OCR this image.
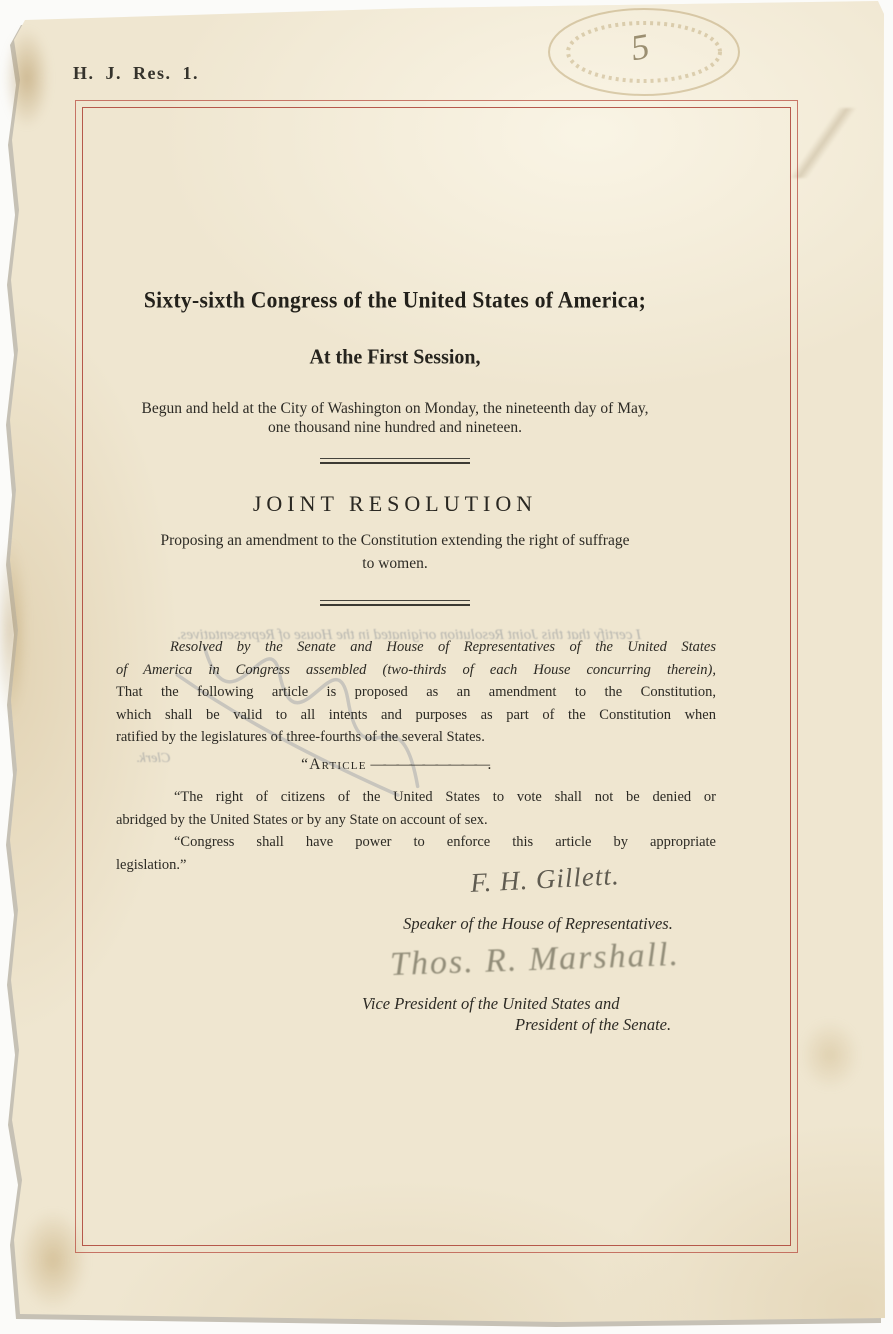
I certify that this Joint Resolution originated in the House of Representatives.
Clerk.
H. J. Res. 1.
5
Sixty-sixth Congress of the United States of America;
At the First Session,
Begun and held at the City of Washington on Monday, the nineteenth day of May,
one thousand nine hundred and nineteen.
JOINT RESOLUTION
Proposing an amendment to the Constitution extending the right of suffrage
to women.
Resolved by the Senate and House of Representatives of the United States
of America in Congress assembled (two-thirds of each House concurring therein),
That the following article is proposed as an amendment to the Constitution,
which shall be valid to all intents and purposes as part of the Constitution when
ratified by the legislatures of three-fourths of the several States.
“Article —————————.
“The right of citizens of the United States to vote shall not be denied or
abridged by the United States or by any State on account of sex.
“Congress shall have power to enforce this article by appropriate
legislation.”	F. H. Gillett.
Speaker of the House of Representatives.
Thos. R. Marshall.
Vice President of the United States and
President of the Senate.
